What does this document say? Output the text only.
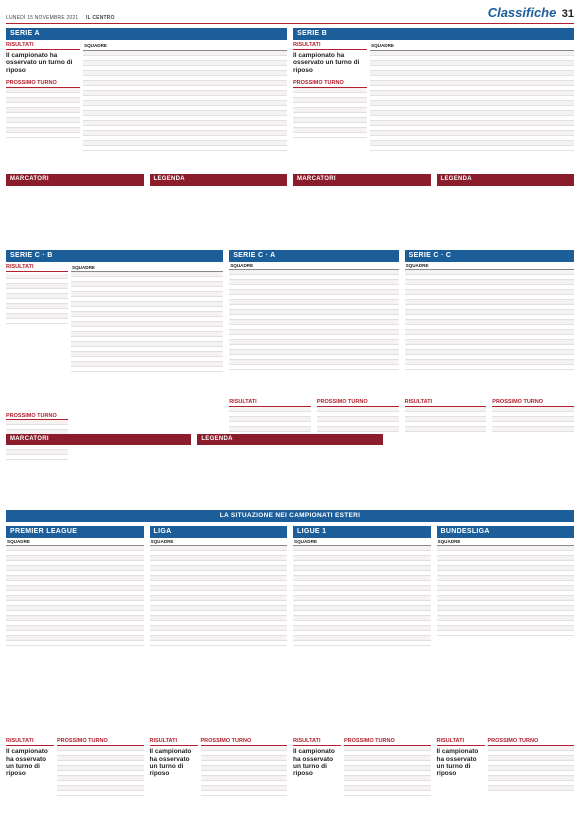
LUNEDÌ 15 NOVEMBRE 2021 IL CENTRO	Classifiche 31
SERIE A
RISULTATI
Il campionato ha osservato un turno di riposo
PROSSIMO TURNO
SQUADRE
MARCATORI	LEGENDA
SERIE B
RISULTATI
Il campionato ha osservato un turno di riposo
PROSSIMO TURNO
SQUADRE
MARCATORI	LEGENDA
SERIE C · B
RISULTATI
PROSSIMO TURNO
SQUADRE
SERIE C · A
SQUADRE
RISULTATI	PROSSIMO TURNO
SERIE C · C
SQUADRE
RISULTATI	PROSSIMO TURNO
MARCATORI	LEGENDA
LA SITUAZIONE NEI CAMPIONATI ESTERI
PREMIER LEAGUE
SQUADRE
RISULTATI
Il campionato ha osservato un turno di riposo
PROSSIMO TURNO
LIGA
SQUADRE
RISULTATI
Il campionato ha osservato un turno di riposo
PROSSIMO TURNO
LIGUE 1
SQUADRE
RISULTATI
Il campionato ha osservato un turno di riposo
PROSSIMO TURNO
BUNDESLIGA
SQUADRE
RISULTATI
Il campionato ha osservato un turno di riposo
PROSSIMO TURNO
